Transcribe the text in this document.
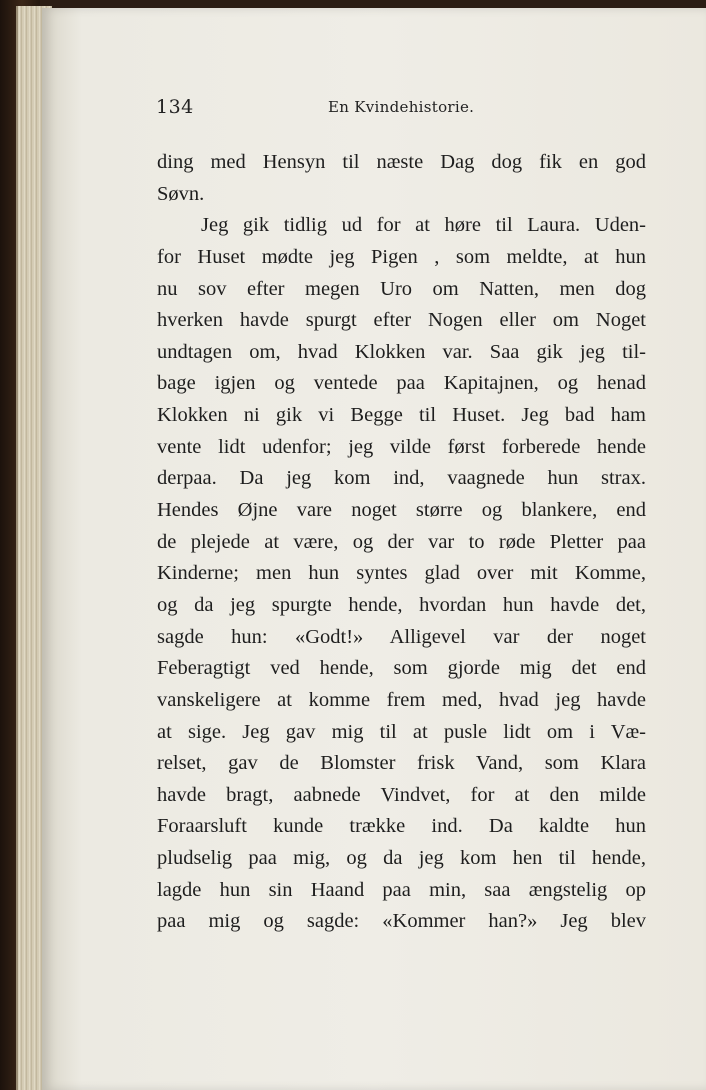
134	En Kvindehistorie.
ding med Hensyn til næste Dag dog fik en god
Søvn.
Jeg gik tidlig ud for at høre til Laura. Uden-
for Huset mødte jeg Pigen , som meldte, at hun
nu sov efter megen Uro om Natten, men dog
hverken havde spurgt efter Nogen eller om Noget
undtagen om, hvad Klokken var. Saa gik jeg til-
bage igjen og ventede paa Kapitajnen, og henad
Klokken ni gik vi Begge til Huset. Jeg bad ham
vente lidt udenfor; jeg vilde først forberede hende
derpaa. Da jeg kom ind, vaagnede hun strax.
Hendes Øjne vare noget større og blankere, end
de plejede at være, og der var to røde Pletter paa
Kinderne; men hun syntes glad over mit Komme,
og da jeg spurgte hende, hvordan hun havde det,
sagde hun: «Godt!» Alligevel var der noget
Feberagtigt ved hende, som gjorde mig det end
vanskeligere at komme frem med, hvad jeg havde
at sige. Jeg gav mig til at pusle lidt om i Væ-
relset, gav de Blomster frisk Vand, som Klara
havde bragt, aabnede Vindvet, for at den milde
Foraarsluft kunde trække ind. Da kaldte hun
pludselig paa mig, og da jeg kom hen til hende,
lagde hun sin Haand paa min, saa ængstelig op
paa mig og sagde: «Kommer han?» Jeg blev
